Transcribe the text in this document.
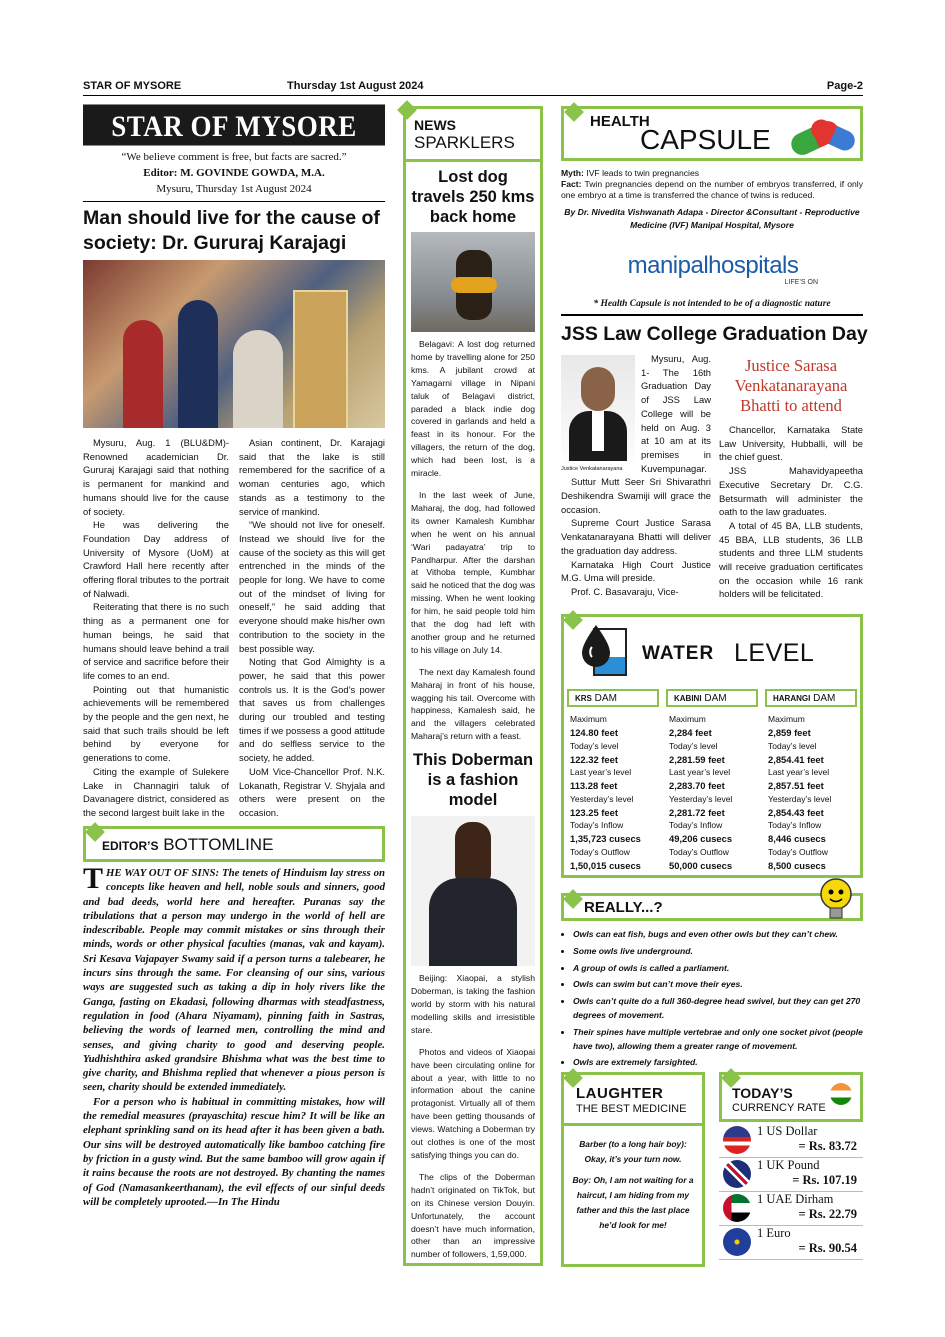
STAR OF MYSORE	Thursday 1st August 2024	Page-2
STAR OF MYSORE
“We believe comment is free, but facts are sacred.”
Editor: M. GOVINDE GOWDA, M.A.
Mysuru, Thursday 1st August 2024
Man should live for the cause of society: Dr. Gururaj Karajagi

Mysuru, Aug. 1 (BLU&DM)- Renowned academician Dr. Gururaj Karajagi said that nothing is permanent for mankind and humans should live for the cause of society.

He was delivering the Foundation Day address of University of Mysore (UoM) at Crawford Hall here recently after offering floral tributes to the portrait of Nalwadi.

Reiterating that there is no such thing as a permanent one for human beings, he said that humans should leave behind a trail of service and sacrifice before their life comes to an end.

Pointing out that humanistic achievements will be remembered by the people and the gen next, he said that such trails should be left behind by everyone for generations to come.

Citing the example of Sulekere Lake in Channagiri taluk of Davanagere district, considered as the second largest built lake in the

Asian continent, Dr. Karajagi said that the lake is still remembered for the sacrifice of a woman centuries ago, which stands as a testimony to the service of mankind.

“We should not live for oneself. Instead we should live for the cause of the society as this will get entrenched in the minds of the people for long. We have to come out of the mindset of living for oneself,” he said adding that everyone should make his/her own contribution to the society in the best possible way.

Noting that God Almighty is a power, he said that this power controls us. It is the God’s power that saves us from challenges during our troubled and testing times if we possess a good attitude and do selfless service to the society, he added.

UoM Vice-Chancellor Prof. N.K. Lokanath, Registrar V. Shyjala and others were present on the occasion.

EDITOR’S BOTTOMLINE

THE WAY OUT OF SINS: The tenets of Hinduism lay stress on concepts like heaven and hell, noble souls and sinners, good and bad deeds, world here and hereafter. Puranas say the tribulations that a person may undergo in the world of hell are indescribable. People may commit mistakes or sins through their minds, words or other physical faculties (manas, vak and kayam). Sri Kesava Vajapayer Swamy said if a person turns a talebearer, he incurs sins through the same. For cleansing of our sins, various ways are suggested such as taking a dip in holy rivers like the Ganga, fasting on Ekadasi, following dharmas with steadfastness, regulation in food (Ahara Niyamam), pinning faith in Sastras, believing the words of learned men, controlling the mind and senses, and giving charity to good and deserving people. Yudhishthira asked grandsire Bhishma what was the best time to give charity, and Bhishma replied that whenever a pious person is seen, charity should be extended immediately.

For a person who is habitual in committing mistakes, how will the remedial measures (prayaschita) rescue him? It will be like an elephant sprinkling sand on its head after it has been given a bath. Our sins will be destroyed automatically like bamboo catching fire by friction in a gusty wind. But the same bamboo will grow again if it rains because the roots are not destroyed. By chanting the names of God (Namasankeerthanam), the evil effects of our sinful deeds will be completely uprooted.—In The Hindu

NEWS
SPARKLERS
Lost dog travels 250 kms back home

Belagavi: A lost dog returned home by travelling alone for 250 kms. A jubilant crowd at Yamagarni village in Nipani taluk of Belagavi district, paraded a black indie dog covered in garlands and held a feast in its honour. For the villagers, the return of the dog, which had been lost, is a miracle.

In the last week of June, Maharaj, the dog, had followed its owner Kamalesh Kumbhar when he went on his annual ‘Wari padayatra’ trip to Pandharpur. After the darshan at Vithoba temple, Kumbhar said he noticed that the dog was missing. When he went looking for him, he said people told him that the dog had left with another group and he returned to his village on July 14.

The next day Kamalesh found Maharaj in front of his house, wagging his tail. Overcome with happiness, Kamalesh said, he and the villagers celebrated Maharaj’s return with a feast.

This Doberman is a fashion model

Beijing: Xiaopai, a stylish Doberman, is taking the fashion world by storm with his natural modelling skills and irresistible stare.

Photos and videos of Xiaopai have been circulating online for about a year, with little to no information about the canine protagonist. Virtually all of them have been getting thousands of views. Watching a Doberman try out clothes is one of the most satisfying things you can do.

The clips of the Doberman hadn’t originated on TikTok, but on its Chinese version Douyin. Unfortunately, the account doesn’t have much information, other than an impressive number of followers, 1,59,000.

HEALTH
CAPSULE
Myth: IVF leads to twin pregnancies
Fact: Twin pregnancies depend on the number of embryos transferred, if only one embryo at a time is transferred the chance of twins is reduced.
By Dr. Nivedita Vishwanath Adapa - Director &Consultant - Reproductive Medicine (IVF) Manipal Hospital, Mysore
manipalhospitals
LIFE’S ON
* Health Capsule is not intended to be of a diagnostic nature
JSS Law College Graduation Day
Justice Venkatanarayana

Mysuru, Aug. 1- The 16th Graduation Day of JSS Law College will be held on Aug. 3 at 10 am at its premises in Kuvempunagar.

Suttur Mutt Seer Sri Shivarathri Deshikendra Swamiji will grace the occasion.

Supreme Court Justice Sarasa Venkatanarayana Bhatti will deliver the graduation day address.

Karnataka High Court Justice M.G. Uma will preside.

Prof. C. Basavaraju, Vice-

Justice Sarasa Venkatanarayana Bhatti to attend

Chancellor, Karnataka State Law University, Hubballi, will be the chief guest.

JSS Mahavidyapeetha Executive Secretary Dr. C.G. Betsurmath will administer the oath to the law graduates.

A total of 45 BA, LLB students, 45 BBA, LLB students, 36 LLB students and three LLM students will receive graduation certificates on the occasion while 16 rank holders will be felicitated.

WATER LEVEL
KRS DAM
Maximum
124.80 feet
Today’s level
122.32 feet
Last year’s level
113.28 feet
Yesterday’s level
123.25 feet
Today’s Inflow
1,35,723 cusecs
Today’s Outflow
1,50,015 cusecs
KABINI DAM
Maximum
2,284 feet
Today’s level
2,281.59 feet
Last year’s level
2,283.70 feet
Yesterday’s level
2,281.72 feet
Today’s Inflow
49,206 cusecs
Today’s Outflow
50,000 cusecs
HARANGI DAM
Maximum
2,859 feet
Today’s level
2,854.41 feet
Last year’s level
2,857.51 feet
Yesterday’s level
2,854.43 feet
Today’s Inflow
8,446 cusecs
Today’s Outflow
8,500 cusecs
REALLY...?
• Owls can eat fish, bugs and even other owls but they can’t chew.
• Some owls live underground.
• A group of owls is called a parliament.
• Owls can swim but can’t move their eyes.
• Owls can’t quite do a full 360-degree head swivel, but they can get 270 degrees of movement.
• Their spines have multiple vertebrae and only one socket pivot (people have two), allowing them a greater range of movement.
• Owls are extremely farsighted.
LAUGHTER
THE BEST MEDICINE

Barber (to a long hair boy): Okay, it’s your turn now.

Boy: Oh, I am not waiting for a haircut, I am hiding from my father and this the last place he’d look for me!

TODAY’S
CURRENCY RATE
1 US Dollar
= Rs. 83.72
1 UK Pound
= Rs. 107.19
1 UAE Dirham
= Rs. 22.79
1 Euro
= Rs. 90.54
